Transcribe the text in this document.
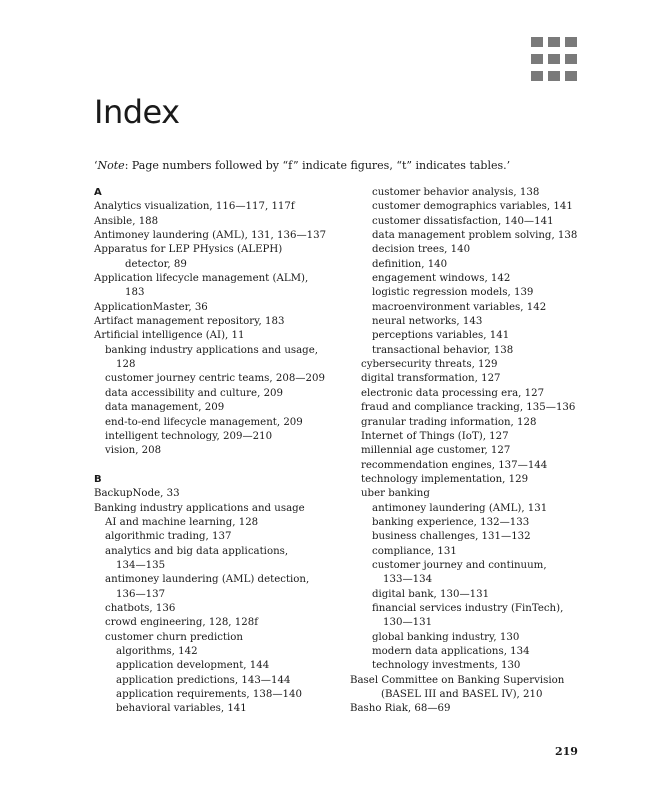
Index
‘Note: Page numbers followed by “f” indicate figures, “t” indicates tables.’
A
Analytics visualization, 116—117, 117f
Ansible, 188
Antimoney laundering (AML), 131, 136—137
Apparatus for LEP PHysics (ALEPH)
detector, 89
Application lifecycle management (ALM),
183
ApplicationMaster, 36
Artifact management repository, 183
Artificial intelligence (AI), 11
banking industry applications and usage,
128
customer journey centric teams, 208—209
data accessibility and culture, 209
data management, 209
end-to-end lifecycle management, 209
intelligent technology, 209—210
vision, 208
B
BackupNode, 33
Banking industry applications and usage
AI and machine learning, 128
algorithmic trading, 137
analytics and big data applications,
134—135
antimoney laundering (AML) detection,
136—137
chatbots, 136
crowd engineering, 128, 128f
customer churn prediction
algorithms, 142
application development, 144
application predictions, 143—144
application requirements, 138—140
behavioral variables, 141
customer behavior analysis, 138
customer demographics variables, 141
customer dissatisfaction, 140—141
data management problem solving, 138
decision trees, 140
definition, 140
engagement windows, 142
logistic regression models, 139
macroenvironment variables, 142
neural networks, 143
perceptions variables, 141
transactional behavior, 138
cybersecurity threats, 129
digital transformation, 127
electronic data processing era, 127
fraud and compliance tracking, 135—136
granular trading information, 128
Internet of Things (IoT), 127
millennial age customer, 127
recommendation engines, 137—144
technology implementation, 129
uber banking
antimoney laundering (AML), 131
banking experience, 132—133
business challenges, 131—132
compliance, 131
customer journey and continuum,
133—134
digital bank, 130—131
financial services industry (FinTech),
130—131
global banking industry, 130
modern data applications, 134
technology investments, 130
Basel Committee on Banking Supervision
(BASEL III and BASEL IV), 210
Basho Riak, 68—69
219
